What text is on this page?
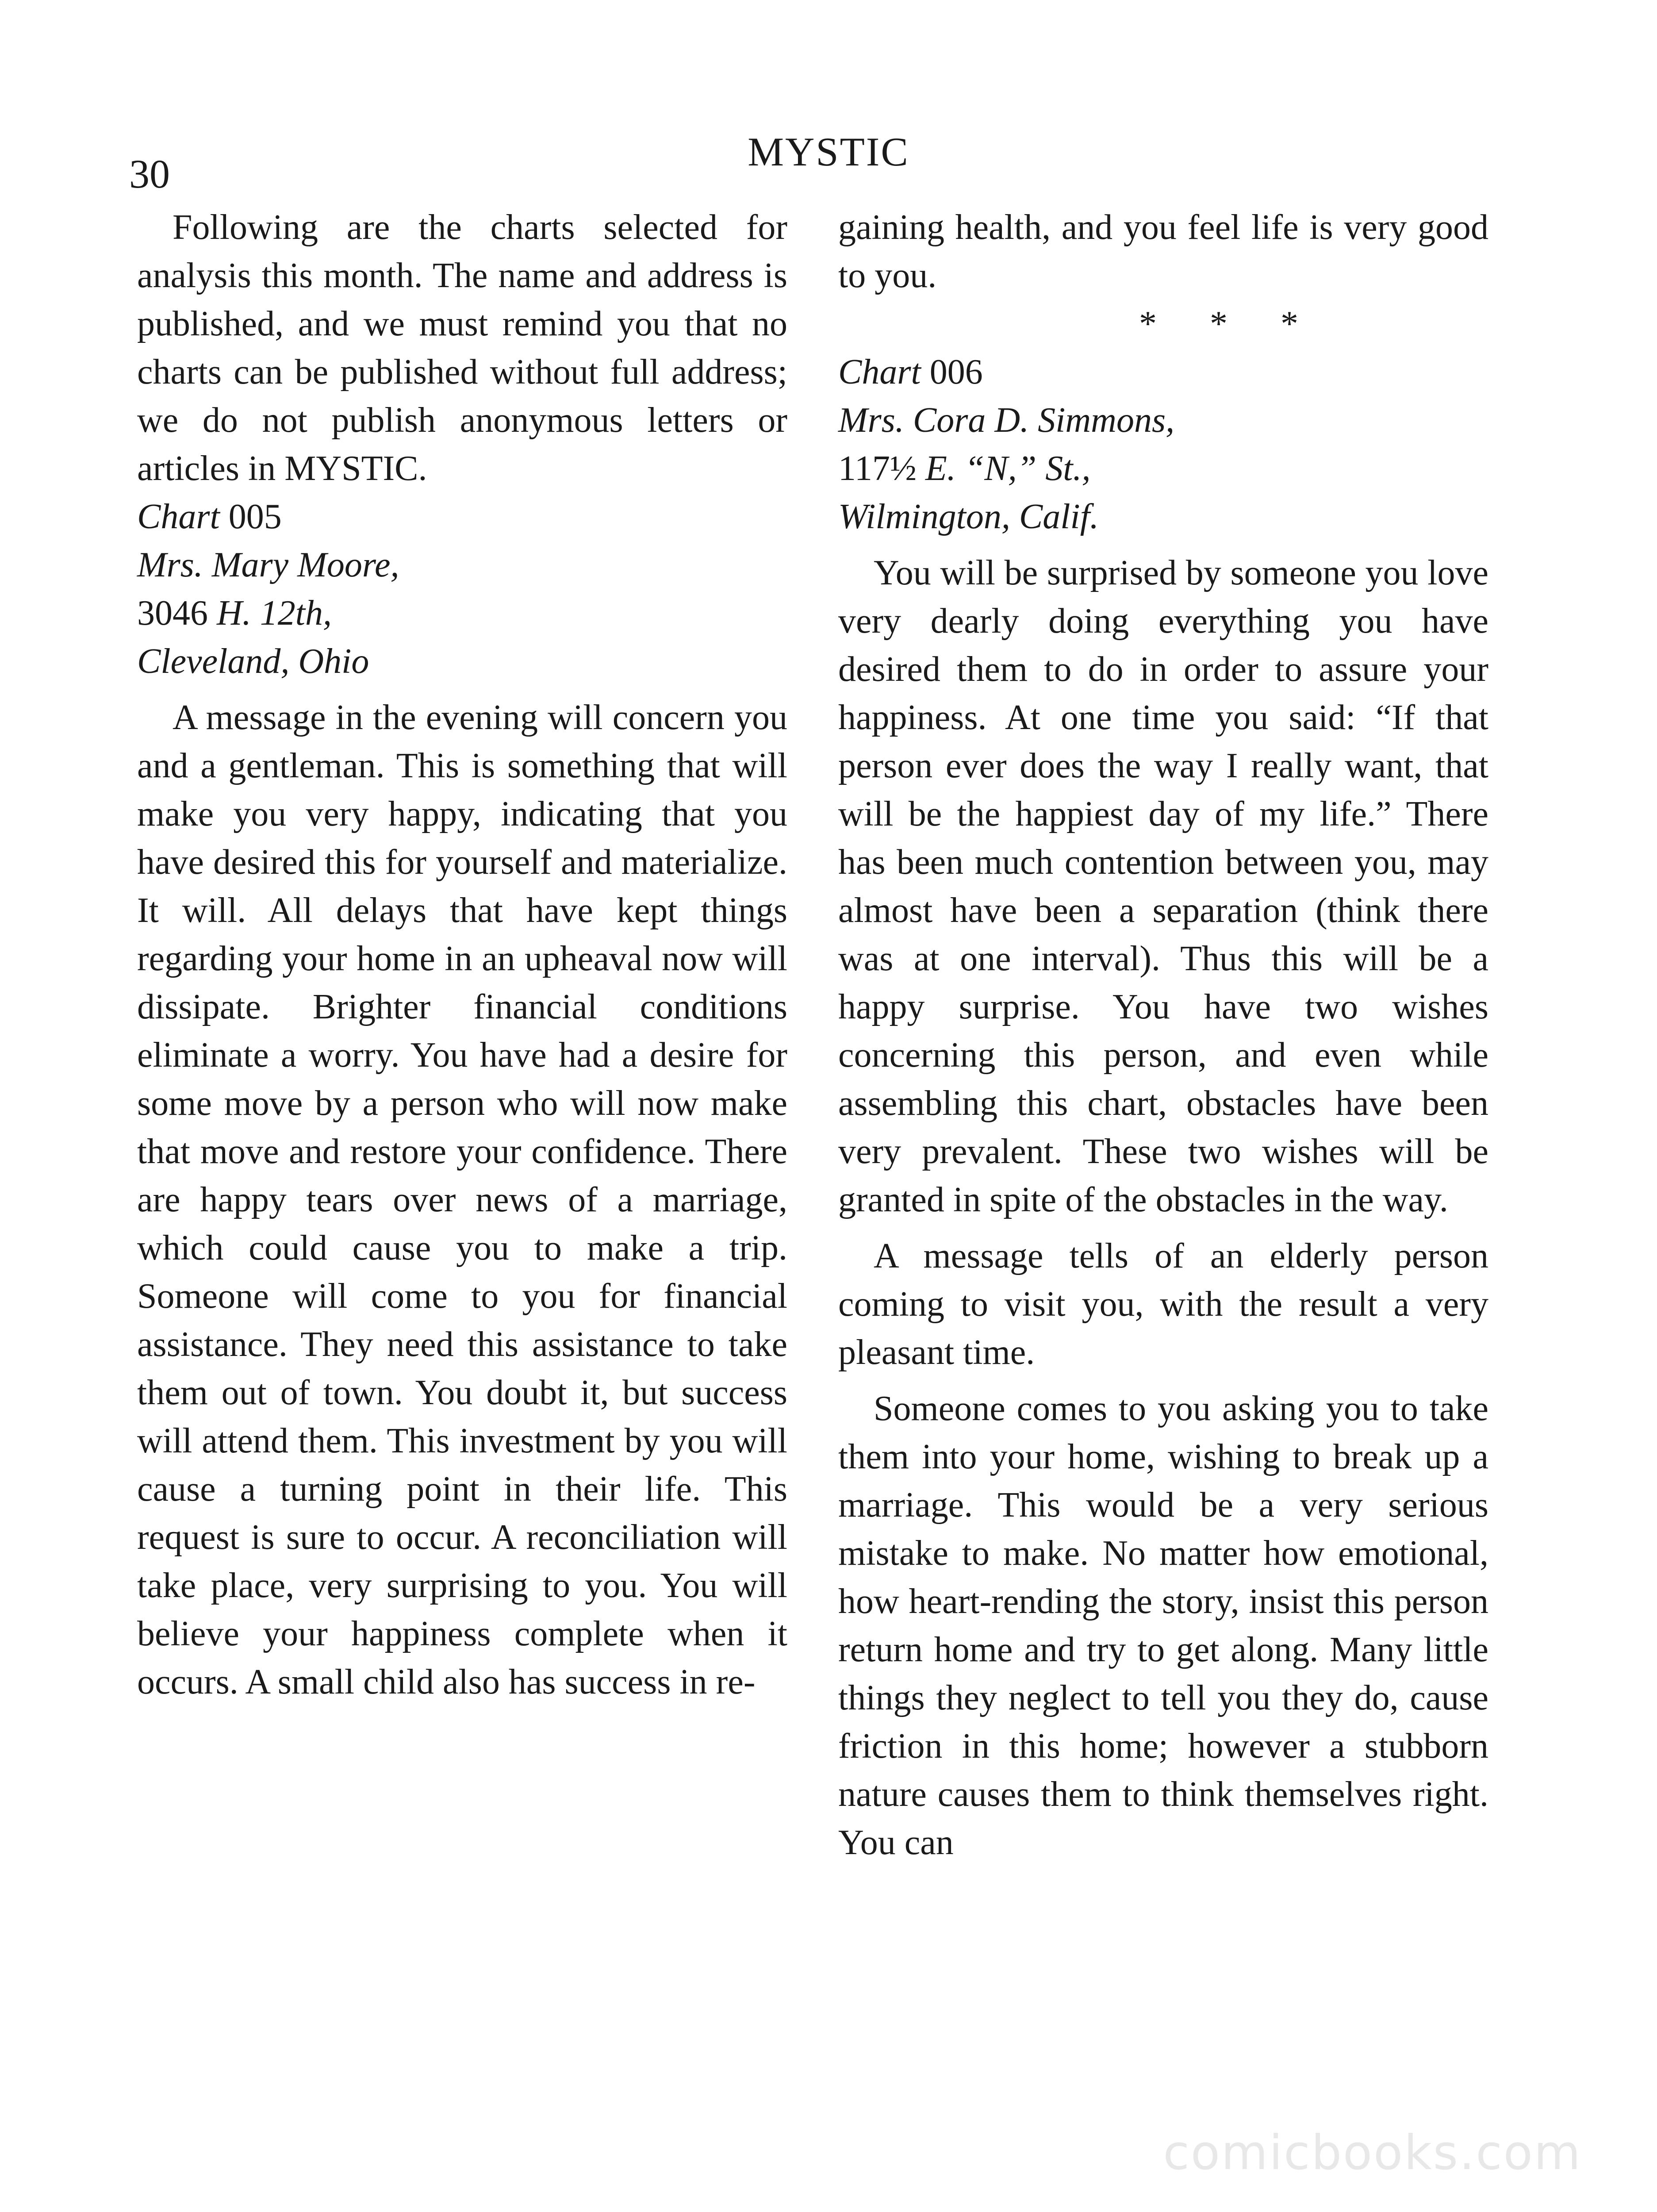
30	MYSTIC

Following are the charts selected for analysis this month. The name and address is published, and we must remind you that no charts can be published without full address; we do not publish anonymous letters or articles in MYSTIC.

Chart 005
Mrs. Mary Moore,
3046 H. 12th,
Cleveland, Ohio

A message in the evening will concern you and a gentleman. This is something that will make you very happy, indicating that you have desired this for yourself and materialize. It will. All delays that have kept things regarding your home in an upheaval now will dissipate. Brighter financial conditions eliminate a worry. You have had a desire for some move by a person who will now make that move and restore your confidence. There are happy tears over news of a marriage, which could cause you to make a trip. Someone will come to you for financial assistance. They need this assistance to take them out of town. You doubt it, but success will attend them. This investment by you will cause a turning point in their life. This request is sure to occur. A reconciliation will take place, very surprising to you. You will believe your happiness complete when it occurs. A small child also has success in re-

gaining health, and you feel life is very good to you.

* * *
Chart 006
Mrs. Cora D. Simmons,
117½ E. “N,” St.,
Wilmington, Calif.

You will be surprised by someone you love very dearly doing everything you have desired them to do in order to assure your happiness. At one time you said: “If that person ever does the way I really want, that will be the happiest day of my life.” There has been much contention between you, may almost have been a separation (think there was at one interval). Thus this will be a happy surprise. You have two wishes concerning this person, and even while assembling this chart, obstacles have been very prevalent. These two wishes will be granted in spite of the obstacles in the way.

A message tells of an elderly person coming to visit you, with the result a very pleasant time.

Someone comes to you asking you to take them into your home, wishing to break up a marriage. This would be a very serious mistake to make. No matter how emotional, how heart-rending the story, insist this person return home and try to get along. Many little things they neglect to tell you they do, cause friction in this home; however a stubborn nature causes them to think themselves right. You can

comicbooks.com
